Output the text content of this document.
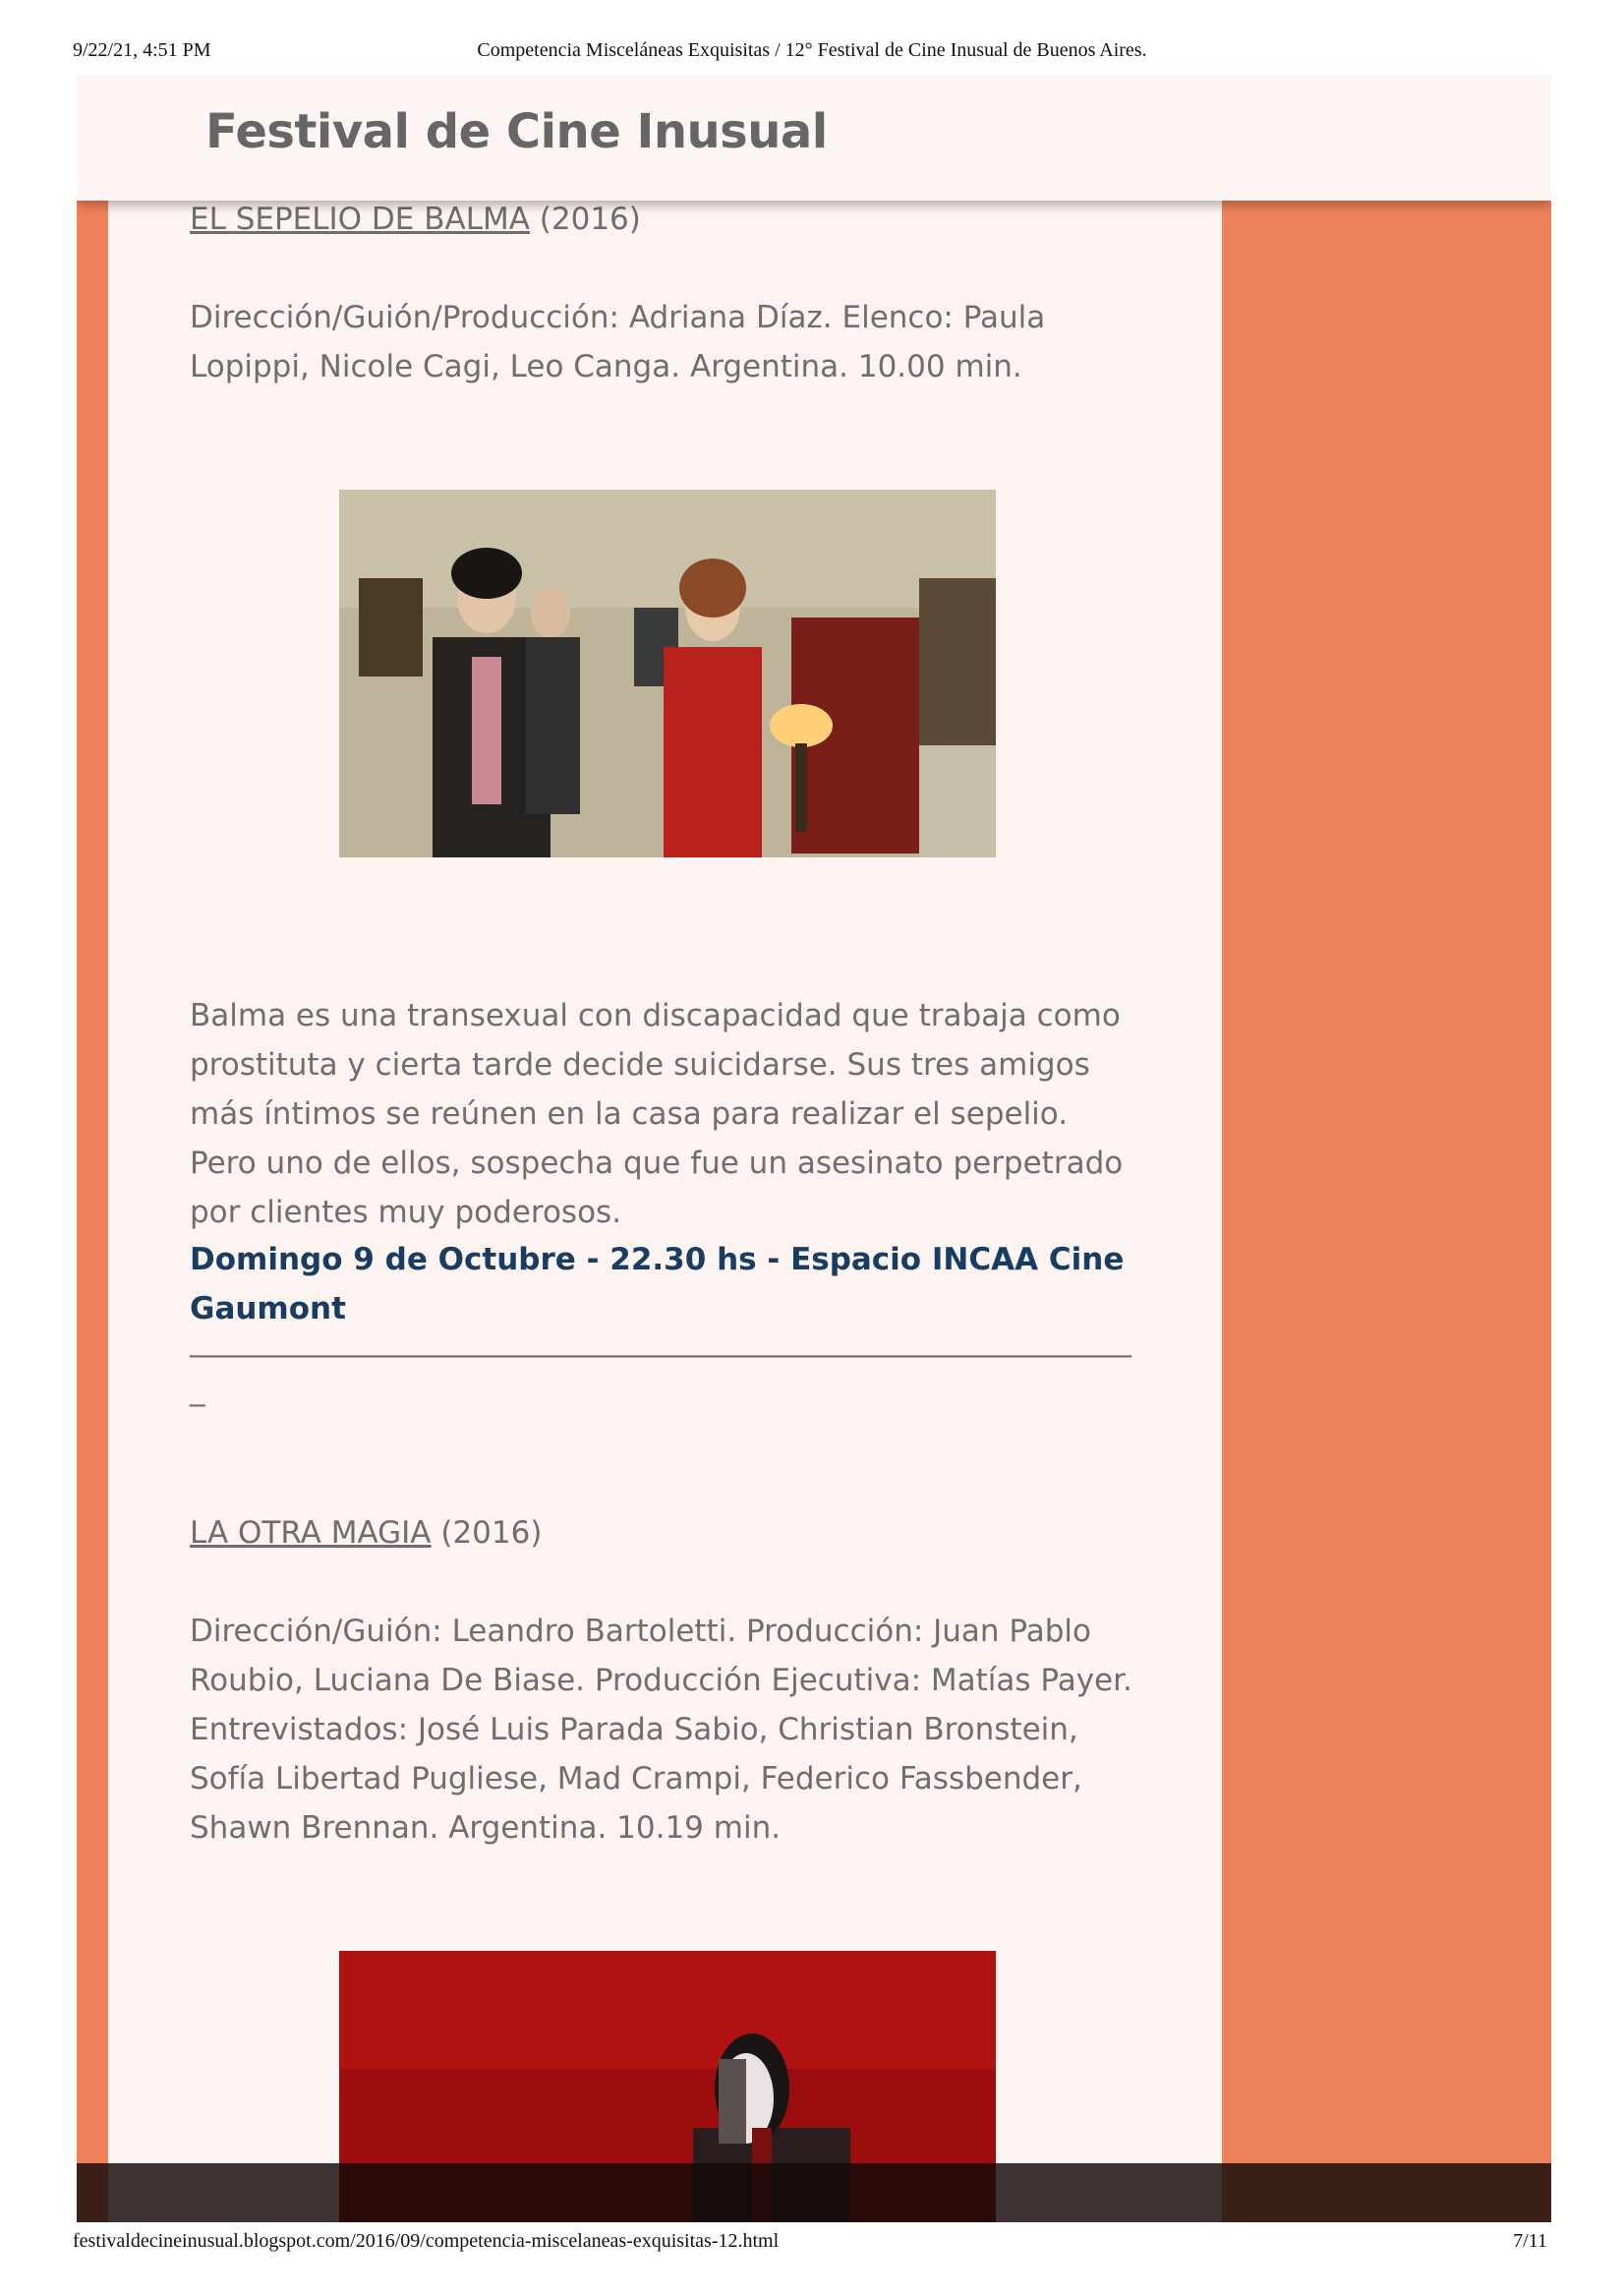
9/22/21, 4:51 PM	Competencia Misceláneas Exquisitas / 12° Festival de Cine Inusual de Buenos Aires.
Festival de Cine Inusual

EL SEPELIO DE BALMA (2016)

Dirección/Guión/Producción: Adriana Díaz. Elenco: Paula Lopippi, Nicole Cagi, Leo Canga. Argentina. 10.00 min.

Balma es una transexual con discapacidad que trabaja como prostituta y cierta tarde decide suicidarse. Sus tres amigos más íntimos se reúnen en la casa para realizar el sepelio. Pero uno de ellos, sospecha que fue un asesinato perpetrado por clientes muy poderosos.

Domingo 9 de Octubre - 22.30 hs - Espacio INCAA Cine Gaumont

___________________________________________________________________

LA OTRA MAGIA (2016)

Dirección/Guión: Leandro Bartoletti. Producción: Juan Pablo Roubio, Luciana De Biase. Producción Ejecutiva: Matías Payer. Entrevistados: José Luis Parada Sabio, Christian Bronstein, Sofía Libertad Pugliese, Mad Crampi, Federico Fassbender, Shawn Brennan. Argentina. 10.19 min.

festivaldecineinusual.blogspot.com/2016/09/competencia-miscelaneas-exquisitas-12.html	7/11
